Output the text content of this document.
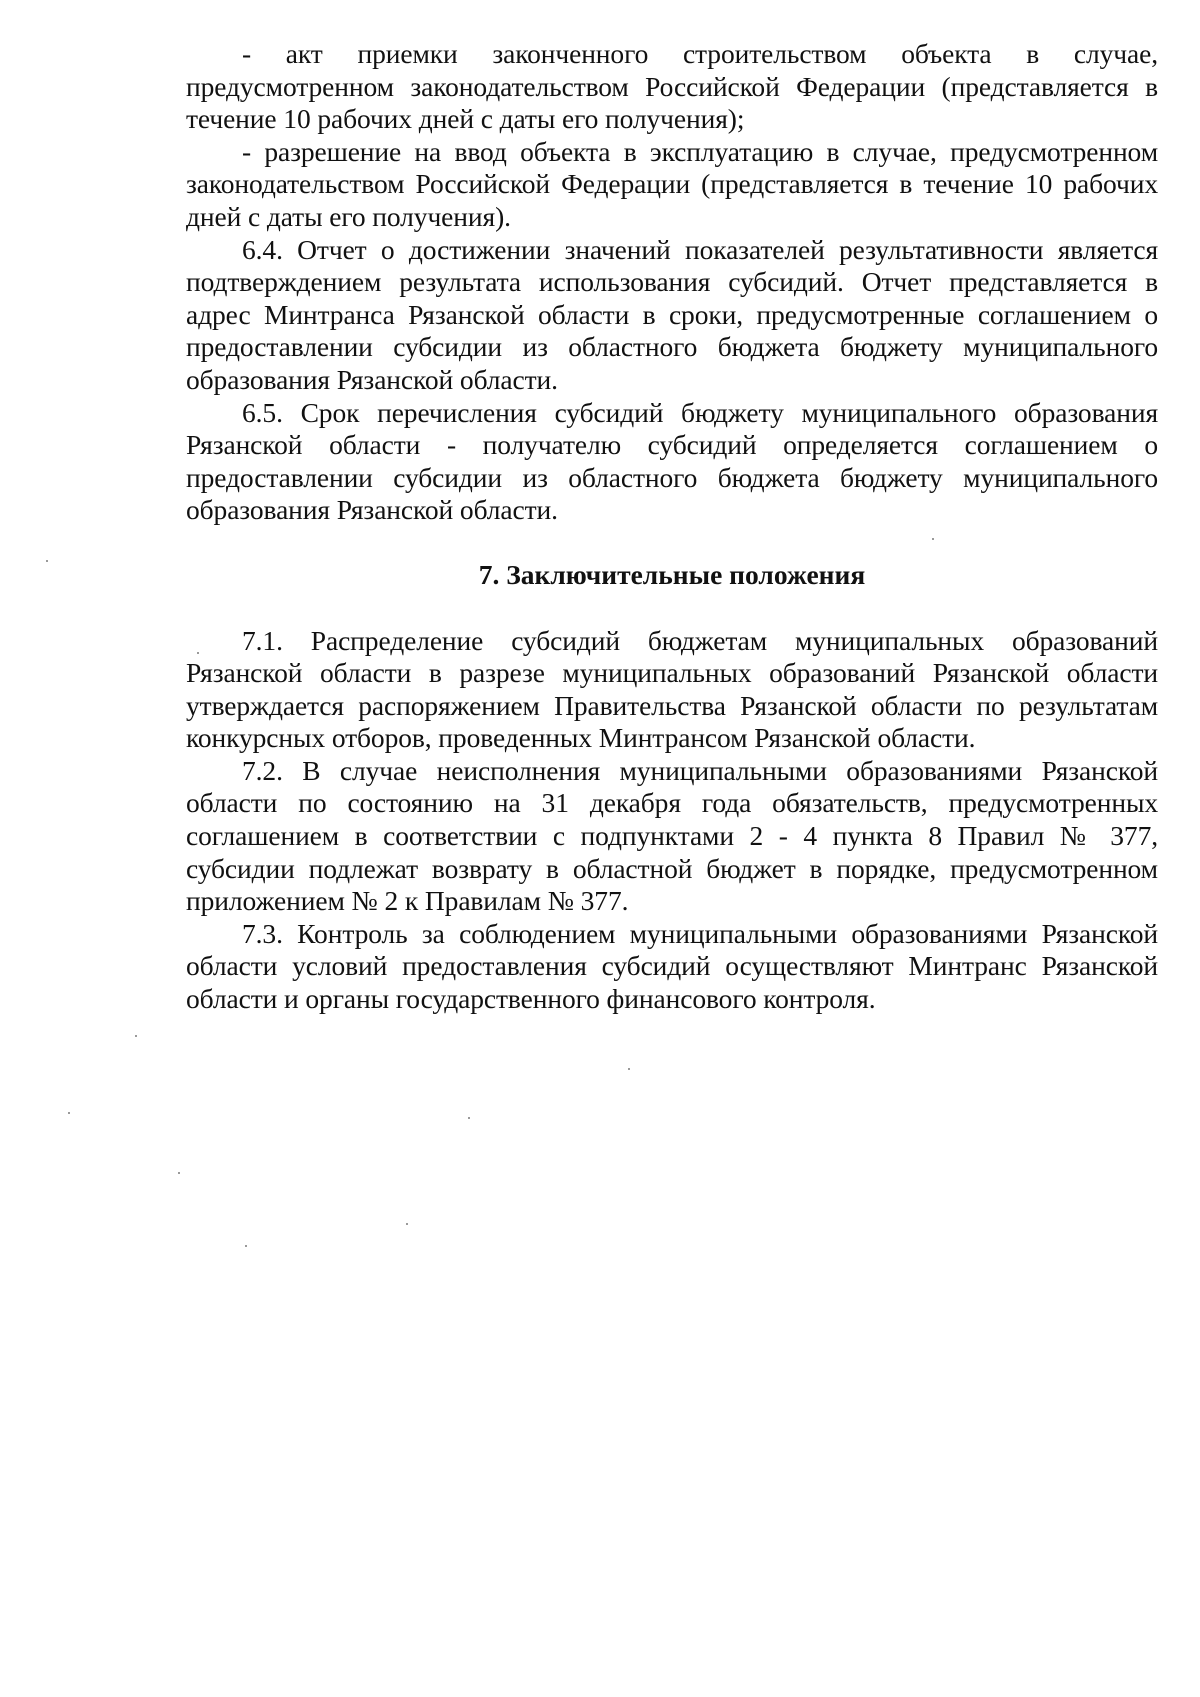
- акт приемки законченного строительством объекта в случае, предусмотренном законодательством Российской Федерации (представляется в течение 10 рабочих дней с даты его получения);

- разрешение на ввод объекта в эксплуатацию в случае, предусмотренном законодательством Российской Федерации (представляется в течение 10 рабочих дней с даты его получения).

6.4. Отчет о достижении значений показателей результативности является подтверждением результата использования субсидий. Отчет представляется в адрес Минтранса Рязанской области в сроки, предусмотренные соглашением о предоставлении субсидии из областного бюджета бюджету муниципального образования Рязанской области.

6.5. Срок перечисления субсидий бюджету муниципального образования Рязанской области - получателю субсидий определяется соглашением о предоставлении субсидии из областного бюджета бюджету муниципального образования Рязанской области.

7. Заключительные положения

7.1. Распределение субсидий бюджетам муниципальных образований Рязанской области в разрезе муниципальных образований Рязанской области утверждается распоряжением Правительства Рязанской области по результатам конкурсных отборов, проведенных Минтрансом Рязанской области.

7.2. В случае неисполнения муниципальными образованиями Рязанской области по состоянию на 31 декабря года обязательств, предусмотренных соглашением в соответствии с подпунктами 2 - 4 пункта 8 Правил № 377, субсидии подлежат возврату в областной бюджет в порядке, предусмотренном приложением № 2 к Правилам № 377.

7.3. Контроль за соблюдением муниципальными образованиями Рязанской области условий предоставления субсидий осуществляют Минтранс Рязанской области и органы государственного финансового контроля.
